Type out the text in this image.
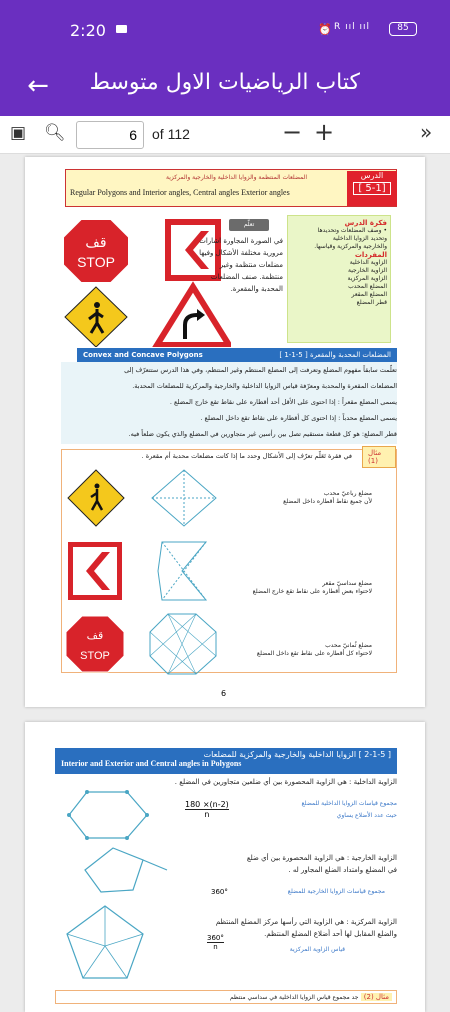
2:20	⏰ R ııl ııl	85
←	كتاب الرياضيات الاول متوسط
▣ 🔍︎
6	of 112	− +	»
المضلعات المنتظمة والزوايا الداخلية والخارجية والمركزية
Regular Polygons and Interior angles, Central angles Exterior angles
الدرس
[ 5-1]
قف
STOP
تعلّم
في الصورة المجاورة اشارات مرورية مختلفة الأشكال وفيها مضلعات منتظمة وغير منتظمة. صنف المضلعات المحدبة والمقعرة.
فكرة الدرس
• وصف المضلعات وتحديدها
وتحديد الزوايا الداخلية
والخارجية والمركزية وقياسها.
المفردات
الزاوية الداخلية
الزاوية الخارجية
الزاوية المركزية
المضلع المحدب
المضلع المقعر
قطر المضلع
Convex and Concave Polygons	[ 1-1-5 ] المضلعات المحدبة والمقعرة
تعلّمت سابقاً مفهوم المضلع وتعرفت إلى المضلع المنتظم وغير المنتظم، وفي هذا الدرس ستتعرّف إلى
المضلعات المقعرة والمحدبة ومعرّفة قياس الزوايا الداخلية والخارجية والمركزية للمضلعات المحدبة.
يسمى المضلع مقعراً : إذا احتوى على الأقل أحد أقطاره على نقاط تقع خارج المضلع .
يسمى المضلع محدباً : إذا احتوى كل أقطاره على نقاط تقع داخل المضلع .
قطر المضلع: هو كل قطعة مستقيم تصل بين رأسين غير متجاورين في المضلع والذي يكون ضلعاً فيه.
مثال (1)
في فقرة تَعَلّم تعرّف إلى الأشكال وحدد ما إذا كانت مضلعات محدبة أم مقعرة .
قف
STOP
مضلع رباعيّ محدب
لأن جميع نقاط أقطاره داخل المضلع
مضلع سداسيّ مقعر
لاحتواء بعض أقطاره على نقاط تقع خارج المضلع
مضلع ثُمانيّ محدب
لاحتواء كل أقطاره على نقاط تقع داخل المضلع
6
[ 2-1-5 ] الزوايا الداخلية والخارجية والمركزية للمضلعات
Interior and Exterior and Central angles in Polygons
الزاوية الداخلية : هي الزاوية المحصورة بين أي ضلعين متجاورين في المضلع .
180 ×(n-2)
n
مجموع قياسات الزوايا الداخلية للمضلع
حيث عدد الأضلاع يساوي
الزاوية الخارجية : هي الزاوية المحصورة بين أي ضلع
في المضلع وامتداد الضلع المجاور له .
360°	مجموع قياسات الزوايا الخارجية للمضلع
الزاوية المركزية : هي الزاوية التي رأسها مركز المضلع المنتظم
والضلع المقابل لها أحد أضلاع المضلع المنتظم.
360°
n	قياس الزاوية المركزية
مثال (2) جد مجموع قياس الزوايا الداخلية في سداسي منتظم
